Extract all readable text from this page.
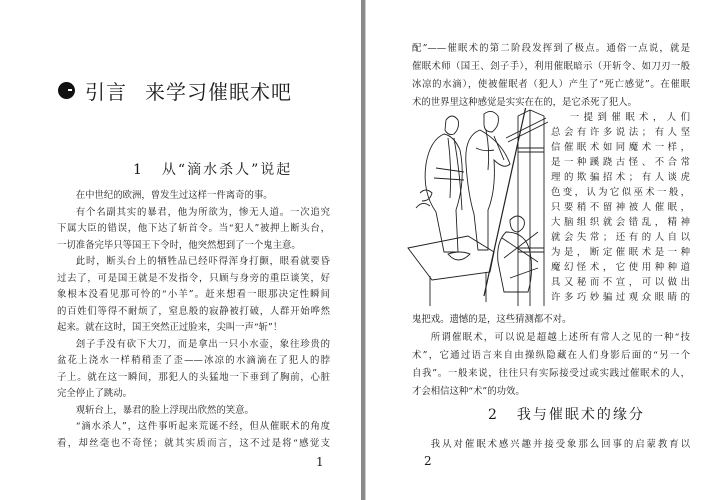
引言 来学习催眠术吧
1 从“滴水杀人”说起
在中世纪的欧洲，曾发生过这样一件离奇的事。
有个名副其实的暴君，他为所欲为，惨无人道。一次追究
下属大臣的错误，他下达了斩首令。当“犯人”被押上断头台，
一切准备完毕只等国王下令时，他突然想到了一个鬼主意。
此时，断头台上的牺牲品已经吓得浑身打颤，眼看就要昏
过去了，可是国王就是不发指令，只顾与身旁的重臣谈笑，好
象根本没看见那可怜的“小羊”。赶来想看一眼那决定性瞬间
的百姓们等得不耐烦了，窒息般的寂静被打破，人群开始哗然
起来。就在这时，国王突然正过脸来，尖叫一声“斩”！
刽子手没有砍下大刀，而是拿出一只小水壶，象往珍贵的
盆花上浇水一样稍稍歪了歪——冰凉的水滴滴在了犯人的脖
子上。就在这一瞬间，那犯人的头猛地一下垂到了胸前，心脏
完全停止了跳动。
观斩台上，暴君的脸上浮现出欣然的笑意。
“滴水杀人”，这件事听起来荒诞不经，但从催眠术的角度
看，却丝毫也不奇怪；就其实质而言，这不过是将“感觉支
1
配”——催眠术的第二阶段发挥到了极点。通俗一点说，就是
催眠术师（国王、刽子手），利用催眠暗示（开斩令、如刀刃一般
冰凉的水滴），使被催眠者（犯人）产生了“死亡感觉”。在催眠
术的世界里这种感觉是实实在在的，是它杀死了犯人。
一提到催眠术，人们
总会有许多说法；有人坚
信催眠术如同魔术一样，
是一种蹊跷古怪、不合常
理的欺骗招术；有人谈虎
色变，认为它似巫术一般，
只要稍不留神被人催眠，
大脑组织就会错乱，精神
就会失常；还有的人自以
为是，断定催眠术是一种
魔幻怪术，它使用种种道
具又秘而不宣，可以做出
许多巧妙骗过观众眼睛的
鬼把戏。遗憾的是，这些猜测都不对。
所谓催眠术，可以说是超越上述所有常人之见的一种“技
术”，它通过语言来自由操纵隐藏在人们身影后面的“另一个
自我”。一般来说，往往只有实际接受过或实践过催眠术的人，
才会相信这种“术”的功效。
2 我与催眠术的缘分
我从对催眠术感兴趣并接受象那么回事的启蒙教育以
2
